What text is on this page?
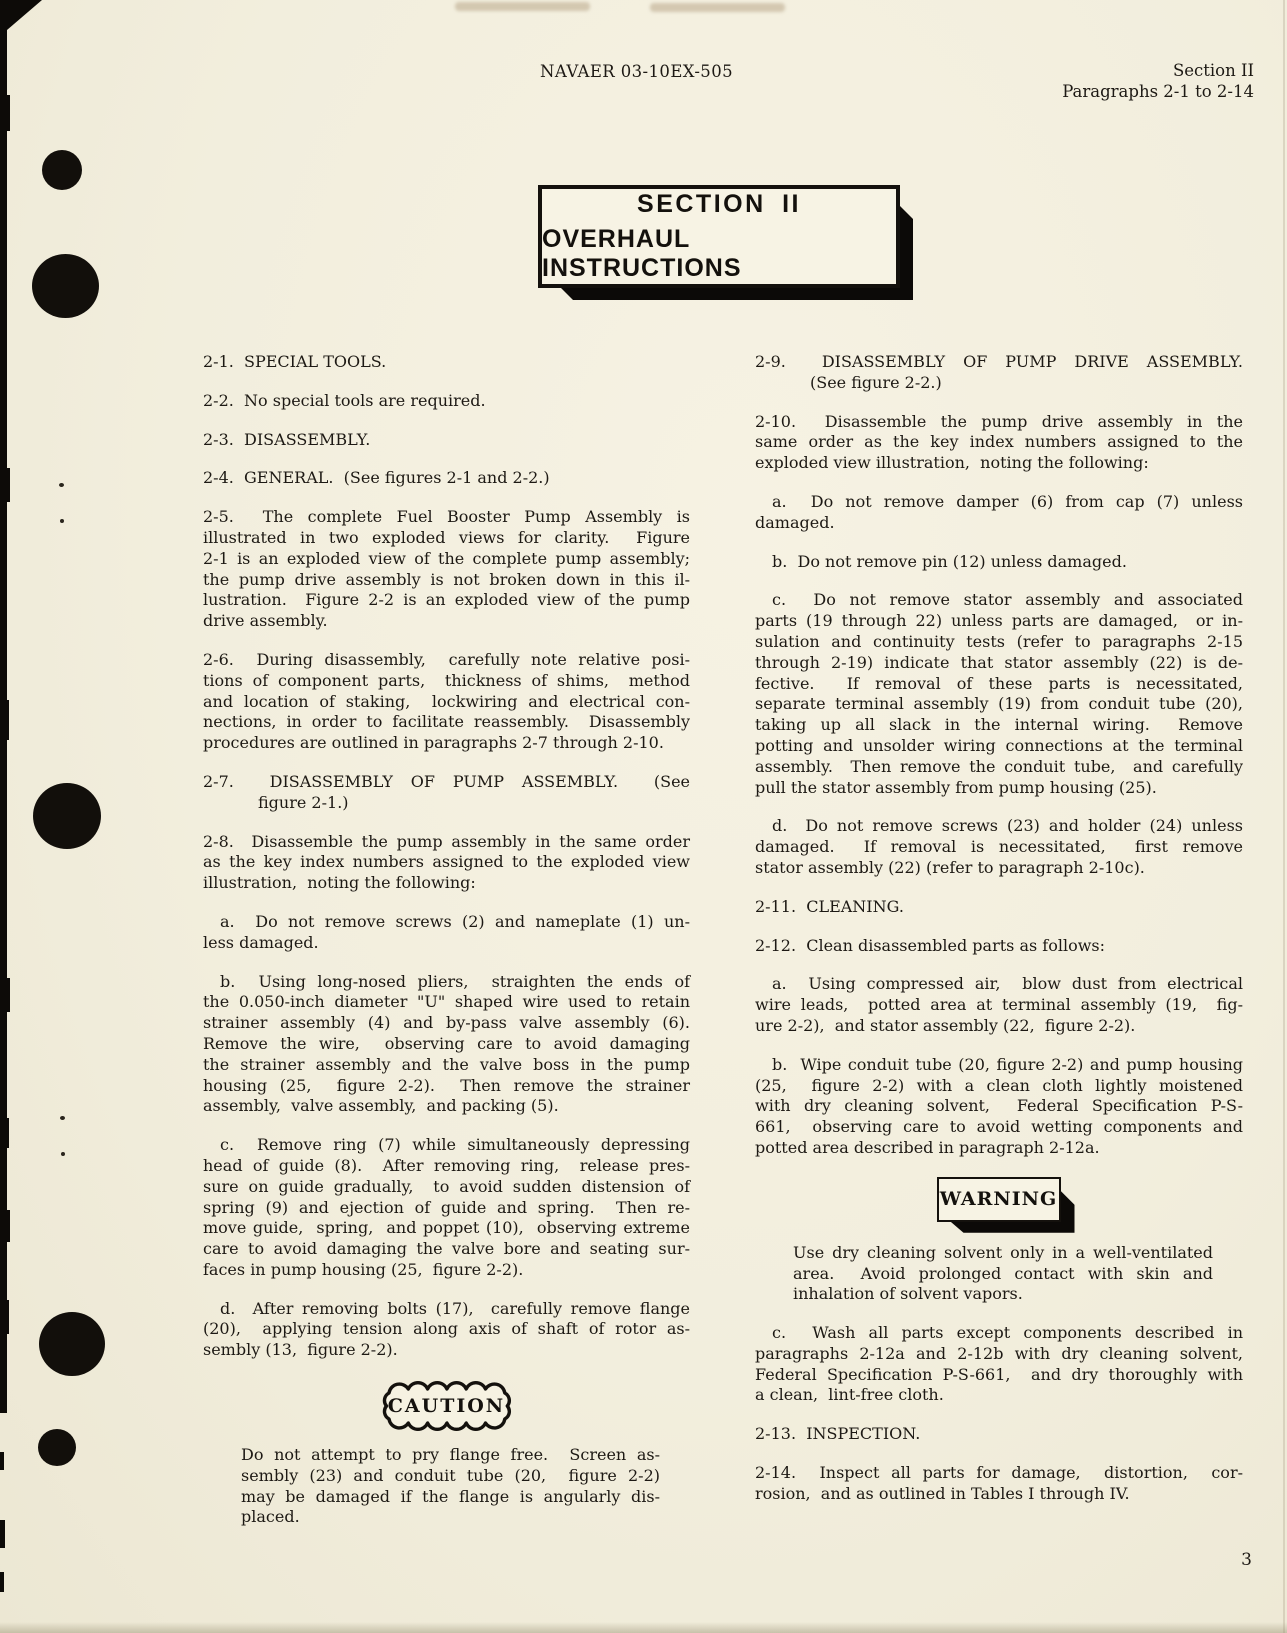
NAVAER 03-10EX-505	Section II
Paragraphs 2-1 to 2-14
SECTION II
OVERHAUL INSTRUCTIONS
2-1.  SPECIAL TOOLS.
2-2.  No special tools are required.
2-3.  DISASSEMBLY.
2-4.  GENERAL.  (See figures 2-1 and 2-2.)
2-5.  The complete Fuel Booster Pump Assembly is
illustrated in two exploded views for clarity.  Figure
2-1 is an exploded view of the complete pump assembly;
the pump drive assembly is not broken down in this il-
lustration.  Figure 2-2 is an exploded view of the pump
drive assembly.
2-6.  During disassembly,  carefully note relative posi-
tions of component parts,  thickness of shims,  method
and location of staking,  lockwiring and electrical con-
nections, in order to facilitate reassembly.  Disassembly
procedures are outlined in paragraphs 2-7 through 2-10.
2-7.  DISASSEMBLY OF PUMP ASSEMBLY.  (See
figure 2-1.)
2-8.  Disassemble the pump assembly in the same order
as the key index numbers assigned to the exploded view
illustration,  noting the following:
a.  Do not remove screws (2) and nameplate (1) un-
less damaged.
b.  Using long-nosed pliers,  straighten the ends of
the 0.050-inch diameter "U" shaped wire used to retain
strainer assembly (4) and by-pass valve assembly (6).
Remove the wire,  observing care to avoid damaging
the strainer assembly and the valve boss in the pump
housing (25,  figure 2-2).  Then remove the strainer
assembly,  valve assembly,  and packing (5).
c.  Remove ring (7) while simultaneously depressing
head of guide (8).  After removing ring,  release pres-
sure on guide gradually,  to avoid sudden distension of
spring (9) and ejection of guide and spring.  Then re-
move guide,  spring,  and poppet (10),  observing extreme
care to avoid damaging the valve bore and seating sur-
faces in pump housing (25,  figure 2-2).
d.  After removing bolts (17),  carefully remove flange
(20),  applying tension along axis of shaft of rotor as-
sembly (13,  figure 2-2).
CAUTION
Do not attempt to pry flange free.  Screen as-
sembly (23) and conduit tube (20,  figure 2-2)
may be damaged if the flange is angularly dis-
placed.
2-9.  DISASSEMBLY OF PUMP DRIVE ASSEMBLY.
(See figure 2-2.)
2-10.  Disassemble the pump drive assembly in the
same order as the key index numbers assigned to the
exploded view illustration,  noting the following:
a.  Do not remove damper (6) from cap (7) unless
damaged.
b.  Do not remove pin (12) unless damaged.
c.  Do not remove stator assembly and associated
parts (19 through 22) unless parts are damaged,  or in-
sulation and continuity tests (refer to paragraphs 2-15
through 2-19) indicate that stator assembly (22) is de-
fective.  If removal of these parts is necessitated,
separate terminal assembly (19) from conduit tube (20),
taking up all slack in the internal wiring.  Remove
potting and unsolder wiring connections at the terminal
assembly.  Then remove the conduit tube,  and carefully
pull the stator assembly from pump housing (25).
d.  Do not remove screws (23) and holder (24) unless
damaged.  If removal is necessitated,  first remove
stator assembly (22) (refer to paragraph 2-10c).
2-11.  CLEANING.
2-12.  Clean disassembled parts as follows:
a.  Using compressed air,  blow dust from electrical
wire leads,  potted area at terminal assembly (19,  fig-
ure 2-2),  and stator assembly (22,  figure 2-2).
b.  Wipe conduit tube (20, figure 2-2) and pump housing
(25,  figure 2-2) with a clean cloth lightly moistened
with dry cleaning solvent,  Federal Specification P-S-
661,  observing care to avoid wetting components and
potted area described in paragraph 2-12a.
WARNING
Use dry cleaning solvent only in a well-ventilated
area.  Avoid prolonged contact with skin and
inhalation of solvent vapors.
c.  Wash all parts except components described in
paragraphs 2-12a and 2-12b with dry cleaning solvent,
Federal Specification P-S-661,  and dry thoroughly with
a clean,  lint-free cloth.
2-13.  INSPECTION.
2-14.  Inspect all parts for damage,  distortion,  cor-
rosion,  and as outlined in Tables I through IV.
3
